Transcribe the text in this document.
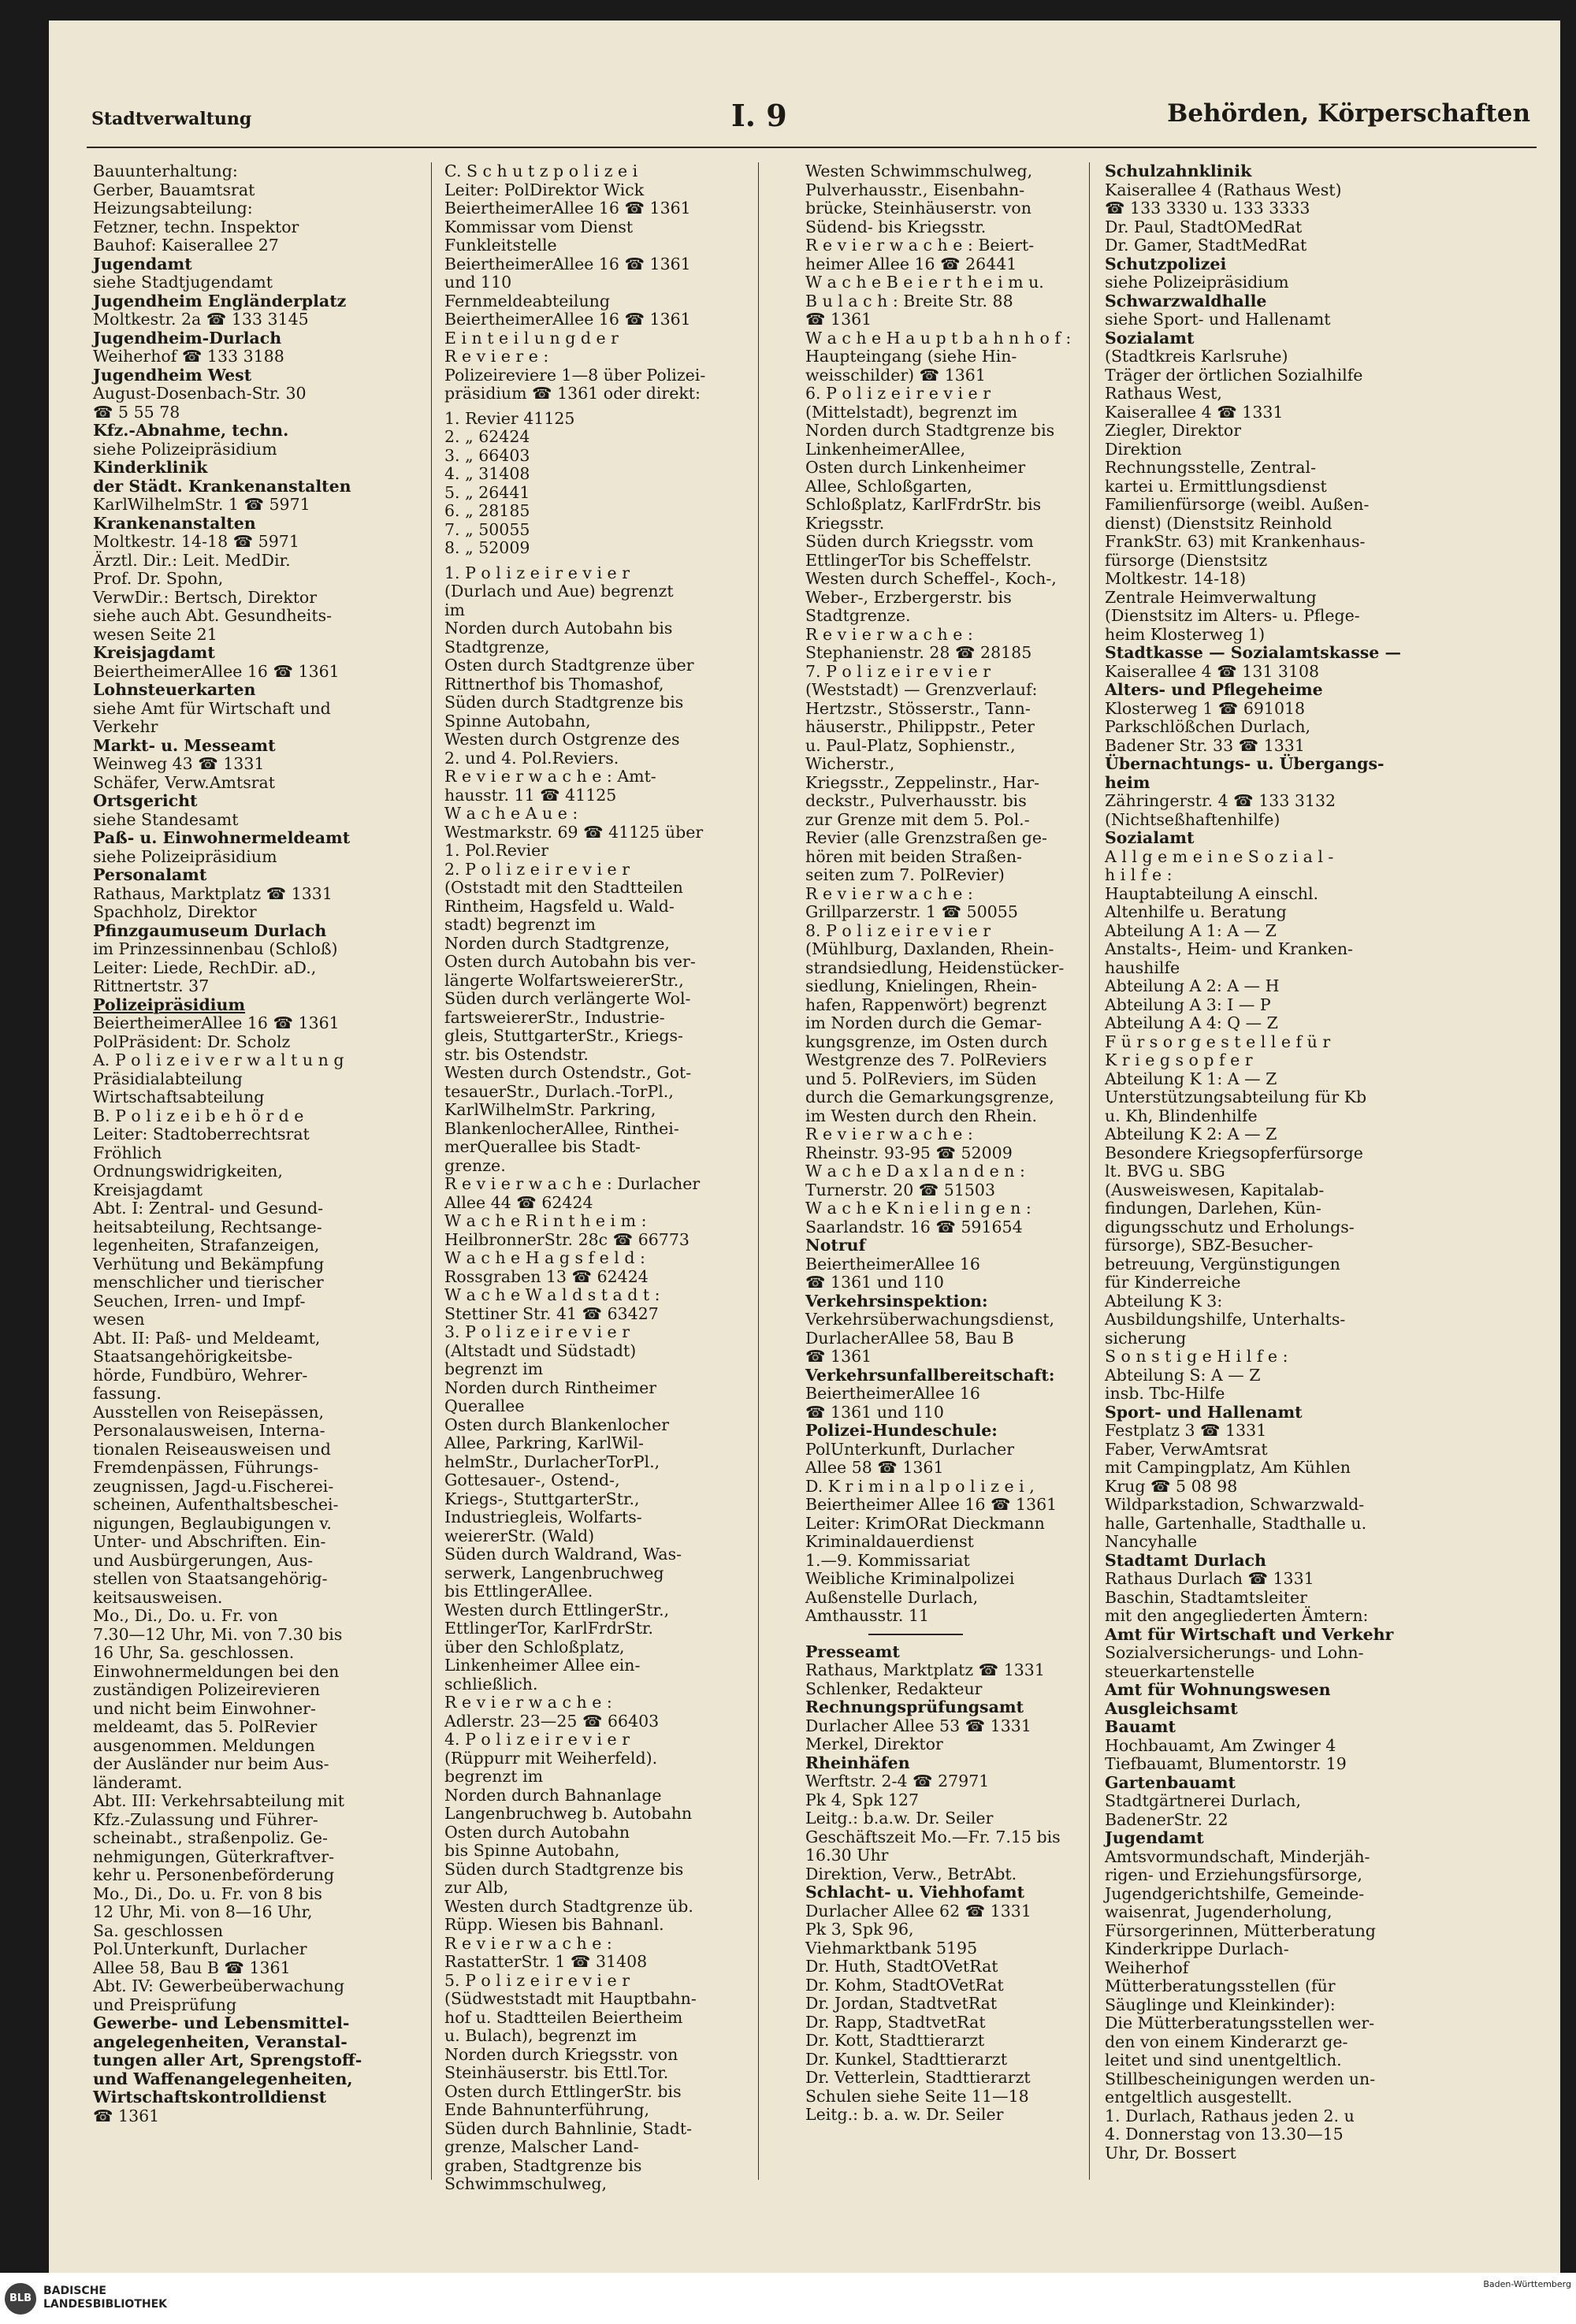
Stadtverwaltung	I. 9	Behörden, Körperschaften

Bauunterhaltung:

Gerber, Bauamtsrat

Heizungsabteilung:

Fetzner, techn. Inspektor

Bauhof: Kaiserallee 27

Jugendamt

siehe Stadtjugendamt

Jugendheim Engländerplatz

Moltkestr. 2a ☎ 133 3145

Jugendheim-Durlach

Weiherhof ☎ 133 3188

Jugendheim West

August-Dosenbach-Str. 30

☎ 5 55 78

Kfz.-Abnahme, techn.

siehe Polizeipräsidium

Kinderklinik

der Städt. Krankenanstalten

KarlWilhelmStr. 1 ☎ 5971

Krankenanstalten

Moltkestr. 14-18 ☎ 5971

Ärztl. Dir.: Leit. MedDir.

Prof. Dr. Spohn,

VerwDir.: Bertsch, Direktor

siehe auch Abt. Gesundheits-

wesen Seite 21

Kreisjagdamt

BeiertheimerAllee 16 ☎ 1361

Lohnsteuerkarten

siehe Amt für Wirtschaft und

Verkehr

Markt- u. Messeamt

Weinweg 43 ☎ 1331

Schäfer, Verw.Amtsrat

Ortsgericht

siehe Standesamt

Paß- u. Einwohnermeldeamt

siehe Polizeipräsidium

Personalamt

Rathaus, Marktplatz ☎ 1331

Spachholz, Direktor

Pfinzgaumuseum Durlach

im Prinzessinnenbau (Schloß)

Leiter: Liede, RechDir. aD.,

Rittnertstr. 37

Polizeipräsidium

BeiertheimerAllee 16 ☎ 1361

PolPräsident: Dr. Scholz

A. P o l i z e i v e r w a l t u n g

Präsidialabteilung

Wirtschaftsabteilung

B. P o l i z e i b e h ö r d e

Leiter: Stadtoberrechtsrat

Fröhlich

Ordnungswidrigkeiten,

Kreisjagdamt

Abt. I: Zentral- und Gesund-

heitsabteilung, Rechtsange-

legenheiten, Strafanzeigen,

Verhütung und Bekämpfung

menschlicher und tierischer

Seuchen, Irren- und Impf-

wesen

Abt. II: Paß- und Meldeamt,

Staatsangehörigkeitsbe-

hörde, Fundbüro, Wehrer-

fassung.

Ausstellen von Reisepässen,

Personalausweisen, Interna-

tionalen Reiseausweisen und

Fremdenpässen, Führungs-

zeugnissen, Jagd-u.Fischerei-

scheinen, Aufenthaltsbeschei-

nigungen, Beglaubigungen v.

Unter- und Abschriften. Ein-

und Ausbürgerungen, Aus-

stellen von Staatsangehörig-

keitsausweisen.

Mo., Di., Do. u. Fr. von

7.30—12 Uhr, Mi. von 7.30 bis

16 Uhr, Sa. geschlossen.

Einwohnermeldungen bei den

zuständigen Polizeirevieren

und nicht beim Einwohner-

meldeamt, das 5. PolRevier

ausgenommen. Meldungen

der Ausländer nur beim Aus-

länderamt.

Abt. III: Verkehrsabteilung mit

Kfz.-Zulassung und Führer-

scheinabt., straßenpoliz. Ge-

nehmigungen, Güterkraftver-

kehr u. Personenbeförderung

Mo., Di., Do. u. Fr. von 8 bis

12 Uhr, Mi. von 8—16 Uhr,

Sa. geschlossen

Pol.Unterkunft, Durlacher

Allee 58, Bau B ☎ 1361

Abt. IV: Gewerbeüberwachung

und Preisprüfung

Gewerbe- und Lebensmittel-

angelegenheiten, Veranstal-

tungen aller Art, Sprengstoff-

und Waffenangelegenheiten,

Wirtschaftskontrolldienst

☎ 1361

C. S c h u t z p o l i z e i

Leiter: PolDirektor Wick

BeiertheimerAllee 16 ☎ 1361

Kommissar vom Dienst

Funkleitstelle

BeiertheimerAllee 16 ☎ 1361

und 110

Fernmeldeabteilung

BeiertheimerAllee 16 ☎ 1361

E i n t e i l u n g d e r

R e v i e r e :

Polizeireviere 1—8 über Polizei-

präsidium ☎ 1361 oder direkt:

1. Revier 41125

2. „ 62424

3. „ 66403

4. „ 31408

5. „ 26441

6. „ 28185

7. „ 50055

8. „ 52009

1. P o l i z e i r e v i e r

(Durlach und Aue) begrenzt

im

Norden durch Autobahn bis

Stadtgrenze,

Osten durch Stadtgrenze über

Rittnerthof bis Thomashof,

Süden durch Stadtgrenze bis

Spinne Autobahn,

Westen durch Ostgrenze des

2. und 4. Pol.Reviers.

R e v i e r w a c h e : Amt-

hausstr. 11 ☎ 41125

W a c h e A u e :

Westmarkstr. 69 ☎ 41125 über

1. Pol.Revier

2. P o l i z e i r e v i e r

(Oststadt mit den Stadtteilen

Rintheim, Hagsfeld u. Wald-

stadt) begrenzt im

Norden durch Stadtgrenze,

Osten durch Autobahn bis ver-

längerte WolfartsweiererStr.,

Süden durch verlängerte Wol-

fartsweiererStr., Industrie-

gleis, StuttgarterStr., Kriegs-

str. bis Ostendstr.

Westen durch Ostendstr., Got-

tesauerStr., Durlach.-TorPl.,

KarlWilhelmStr. Parkring,

BlankenlocherAllee, Rinthei-

merQuerallee bis Stadt-

grenze.

R e v i e r w a c h e : Durlacher

Allee 44 ☎ 62424

W a c h e R i n t h e i m :

HeilbronnerStr. 28c ☎ 66773

W a c h e H a g s f e l d :

Rossgraben 13 ☎ 62424

W a c h e W a l d s t a d t :

Stettiner Str. 41 ☎ 63427

3. P o l i z e i r e v i e r

(Altstadt und Südstadt)

begrenzt im

Norden durch Rintheimer

Querallee

Osten durch Blankenlocher

Allee, Parkring, KarlWil-

helmStr., DurlacherTorPl.,

Gottesauer-, Ostend-,

Kriegs-, StuttgarterStr.,

Industriegleis, Wolfarts-

weiererStr. (Wald)

Süden durch Waldrand, Was-

serwerk, Langenbruchweg

bis EttlingerAllee.

Westen durch EttlingerStr.,

EttlingerTor, KarlFrdrStr.

über den Schloßplatz,

Linkenheimer Allee ein-

schließlich.

R e v i e r w a c h e :

Adlerstr. 23—25 ☎ 66403

4. P o l i z e i r e v i e r

(Rüppurr mit Weiherfeld).

begrenzt im

Norden durch Bahnanlage

Langenbruchweg b. Autobahn

Osten durch Autobahn

bis Spinne Autobahn,

Süden durch Stadtgrenze bis

zur Alb,

Westen durch Stadtgrenze üb.

Rüpp. Wiesen bis Bahnanl.

R e v i e r w a c h e :

RastatterStr. 1 ☎ 31408

5. P o l i z e i r e v i e r

(Südweststadt mit Hauptbahn-

hof u. Stadtteilen Beiertheim

u. Bulach), begrenzt im

Norden durch Kriegsstr. von

Steinhäuserstr. bis Ettl.Tor.

Osten durch EttlingerStr. bis

Ende Bahnunterführung,

Süden durch Bahnlinie, Stadt-

grenze, Malscher Land-

graben, Stadtgrenze bis

Schwimmschulweg,

Westen Schwimmschulweg,

Pulverhausstr., Eisenbahn-

brücke, Steinhäuserstr. von

Südend- bis Kriegsstr.

R e v i e r w a c h e : Beiert-

heimer Allee 16 ☎ 26441

W a c h e B e i e r t h e i m u.

B u l a c h : Breite Str. 88

☎ 1361

W a c h e H a u p t b a h n h o f :

Haupteingang (siehe Hin-

weisschilder) ☎ 1361

6. P o l i z e i r e v i e r

(Mittelstadt), begrenzt im

Norden durch Stadtgrenze bis

LinkenheimerAllee,

Osten durch Linkenheimer

Allee, Schloßgarten,

Schloßplatz, KarlFrdrStr. bis

Kriegsstr.

Süden durch Kriegsstr. vom

EttlingerTor bis Scheffelstr.

Westen durch Scheffel-, Koch-,

Weber-, Erzbergerstr. bis

Stadtgrenze.

R e v i e r w a c h e :

Stephanienstr. 28 ☎ 28185

7. P o l i z e i r e v i e r

(Weststadt) — Grenzverlauf:

Hertzstr., Stösserstr., Tann-

häuserstr., Philippstr., Peter

u. Paul-Platz, Sophienstr.,

Wicherstr.,

Kriegsstr., Zeppelinstr., Har-

deckstr., Pulverhausstr. bis

zur Grenze mit dem 5. Pol.-

Revier (alle Grenzstraßen ge-

hören mit beiden Straßen-

seiten zum 7. PolRevier)

R e v i e r w a c h e :

Grillparzerstr. 1 ☎ 50055

8. P o l i z e i r e v i e r

(Mühlburg, Daxlanden, Rhein-

strandsiedlung, Heidenstücker-

siedlung, Knielingen, Rhein-

hafen, Rappenwört) begrenzt

im Norden durch die Gemar-

kungsgrenze, im Osten durch

Westgrenze des 7. PolReviers

und 5. PolReviers, im Süden

durch die Gemarkungsgrenze,

im Westen durch den Rhein.

R e v i e r w a c h e :

Rheinstr. 93-95 ☎ 52009

W a c h e D a x l a n d e n :

Turnerstr. 20 ☎ 51503

W a c h e K n i e l i n g e n :

Saarlandstr. 16 ☎ 591654

Notruf

BeiertheimerAllee 16

☎ 1361 und 110

Verkehrsinspektion:

Verkehrsüberwachungsdienst,

DurlacherAllee 58, Bau B

☎ 1361

Verkehrsunfallbereitschaft:

BeiertheimerAllee 16

☎ 1361 und 110

Polizei-Hundeschule:

PolUnterkunft, Durlacher

Allee 58 ☎ 1361

D. K r i m i n a l p o l i z e i ,

Beiertheimer Allee 16 ☎ 1361

Leiter: KrimORat Dieckmann

Kriminaldauerdienst

1.—9. Kommissariat

Weibliche Kriminalpolizei

Außenstelle Durlach,

Amthausstr. 11

Presseamt

Rathaus, Marktplatz ☎ 1331

Schlenker, Redakteur

Rechnungsprüfungsamt

Durlacher Allee 53 ☎ 1331

Merkel, Direktor

Rheinhäfen

Werftstr. 2-4 ☎ 27971

Pk 4, Spk 127

Leitg.: b.a.w. Dr. Seiler

Geschäftszeit Mo.—Fr. 7.15 bis

16.30 Uhr

Direktion, Verw., BetrAbt.

Schlacht- u. Viehhofamt

Durlacher Allee 62 ☎ 1331

Pk 3, Spk 96,

Viehmarktbank 5195

Dr. Huth, StadtOVetRat

Dr. Kohm, StadtOVetRat

Dr. Jordan, StadtvetRat

Dr. Rapp, StadtvetRat

Dr. Kott, Stadttierarzt

Dr. Kunkel, Stadttierarzt

Dr. Vetterlein, Stadttierarzt

Schulen siehe Seite 11—18

Leitg.: b. a. w. Dr. Seiler

Schulzahnklinik

Kaiserallee 4 (Rathaus West)

☎ 133 3330 u. 133 3333

Dr. Paul, StadtOMedRat

Dr. Gamer, StadtMedRat

Schutzpolizei

siehe Polizeipräsidium

Schwarzwaldhalle

siehe Sport- und Hallenamt

Sozialamt

(Stadtkreis Karlsruhe)

Träger der örtlichen Sozialhilfe

Rathaus West,

Kaiserallee 4 ☎ 1331

Ziegler, Direktor

Direktion

Rechnungsstelle, Zentral-

kartei u. Ermittlungsdienst

Familienfürsorge (weibl. Außen-

dienst) (Dienstsitz Reinhold

FrankStr. 63) mit Krankenhaus-

fürsorge (Dienstsitz

Moltkestr. 14-18)

Zentrale Heimverwaltung

(Dienstsitz im Alters- u. Pflege-

heim Klosterweg 1)

Stadtkasse — Sozialamtskasse —

Kaiserallee 4 ☎ 131 3108

Alters- und Pflegeheime

Klosterweg 1 ☎ 691018

Parkschlößchen Durlach,

Badener Str. 33 ☎ 1331

Übernachtungs- u. Übergangs-

heim

Zähringerstr. 4 ☎ 133 3132

(Nichtseßhaftenhilfe)

Sozialamt

A l l g e m e i n e S o z i a l -

h i l f e :

Hauptabteilung A einschl.

Altenhilfe u. Beratung

Abteilung A 1: A — Z

Anstalts-, Heim- und Kranken-

haushilfe

Abteilung A 2: A — H

Abteilung A 3: I — P

Abteilung A 4: Q — Z

F ü r s o r g e s t e l l e f ü r

K r i e g s o p f e r

Abteilung K 1: A — Z

Unterstützungsabteilung für Kb

u. Kh, Blindenhilfe

Abteilung K 2: A — Z

Besondere Kriegsopferfürsorge

lt. BVG u. SBG

(Ausweiswesen, Kapitalab-

findungen, Darlehen, Kün-

digungsschutz und Erholungs-

fürsorge), SBZ-Besucher-

betreuung, Vergünstigungen

für Kinderreiche

Abteilung K 3:

Ausbildungshilfe, Unterhalts-

sicherung

S o n s t i g e H i l f e :

Abteilung S: A — Z

insb. Tbc-Hilfe

Sport- und Hallenamt

Festplatz 3 ☎ 1331

Faber, VerwAmtsrat

mit Campingplatz, Am Kühlen

Krug ☎ 5 08 98

Wildparkstadion, Schwarzwald-

halle, Gartenhalle, Stadthalle u.

Nancyhalle

Stadtamt Durlach

Rathaus Durlach ☎ 1331

Baschin, Stadtamtsleiter

mit den angegliederten Ämtern:

Amt für Wirtschaft und Verkehr

Sozialversicherungs- und Lohn-

steuerkartenstelle

Amt für Wohnungswesen

Ausgleichsamt

Bauamt

Hochbauamt, Am Zwinger 4

Tiefbauamt, Blumentorstr. 19

Gartenbauamt

Stadtgärtnerei Durlach,

BadenerStr. 22

Jugendamt

Amtsvormundschaft, Minderjäh-

rigen- und Erziehungsfürsorge,

Jugendgerichtshilfe, Gemeinde-

waisenrat, Jugenderholung,

Fürsorgerinnen, Mütterberatung

Kinderkrippe Durlach-

Weiherhof

Mütterberatungsstellen (für

Säuglinge und Kleinkinder):

Die Mütterberatungsstellen wer-

den von einem Kinderarzt ge-

leitet und sind unentgeltlich.

Stillbescheinigungen werden un-

entgeltlich ausgestellt.

1. Durlach, Rathaus jeden 2. u

4. Donnerstag von 13.30—15

Uhr, Dr. Bossert

BLB
BADISCHE
LANDESBIBLIOTHEK
Baden-Württemberg
